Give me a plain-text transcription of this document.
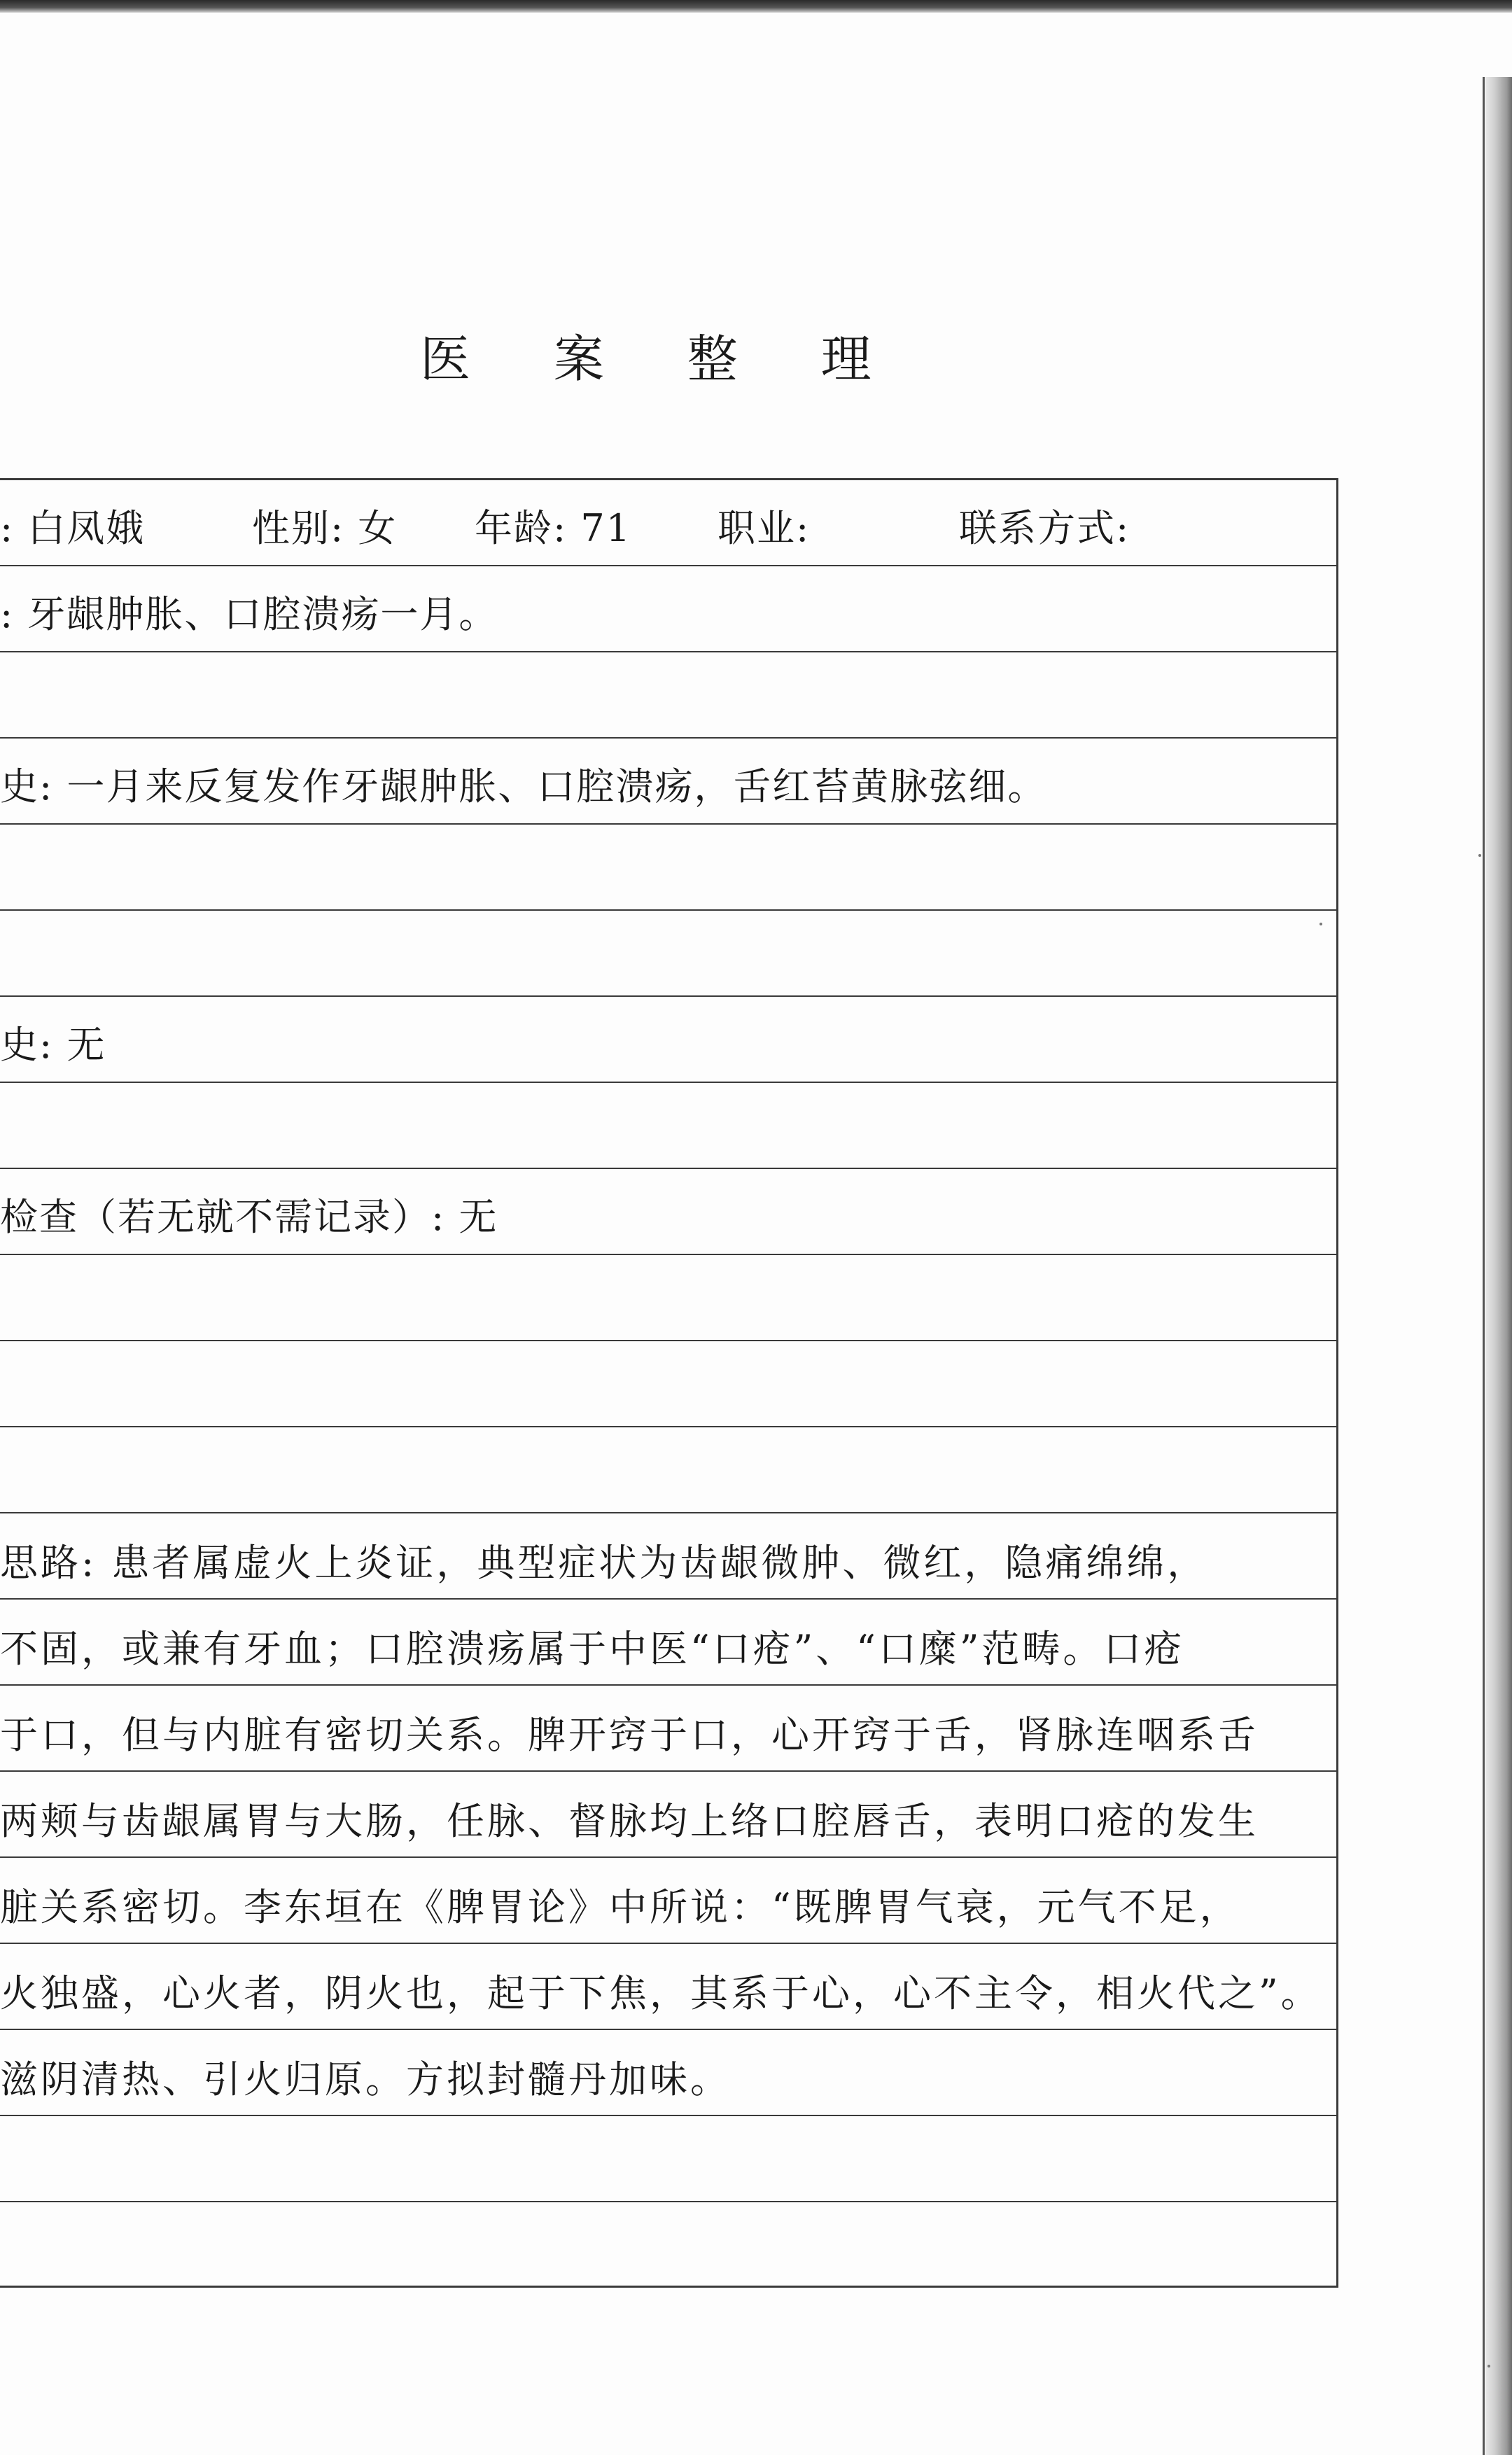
医 案 整 理
: 白凤娥	性别: 女 年龄: 71 职业:	联系方式:
: 牙龈肿胀、口腔溃疡一月。
史: 一月来反复发作牙龈肿胀、口腔溃疡，舌红苔黄脉弦细。
史: 无
检查（若无就不需记录）: 无
思路: 患者属虚火上炎证，典型症状为齿龈微肿、微红，隐痛绵绵，
不固，或兼有牙血；口腔溃疡属于中医“口疮”、“口糜”范畴。口疮
于口，但与内脏有密切关系。脾开窍于口，心开窍于舌，肾脉连咽系舌
两颊与齿龈属胃与大肠，任脉、督脉均上络口腔唇舌，表明口疮的发生
脏关系密切。李东垣在《脾胃论》中所说：“既脾胃气衰，元气不足，
火独盛，心火者，阴火也，起于下焦，其系于心，心不主令，相火代之”。
滋阴清热、引火归原。方拟封髓丹加味。
